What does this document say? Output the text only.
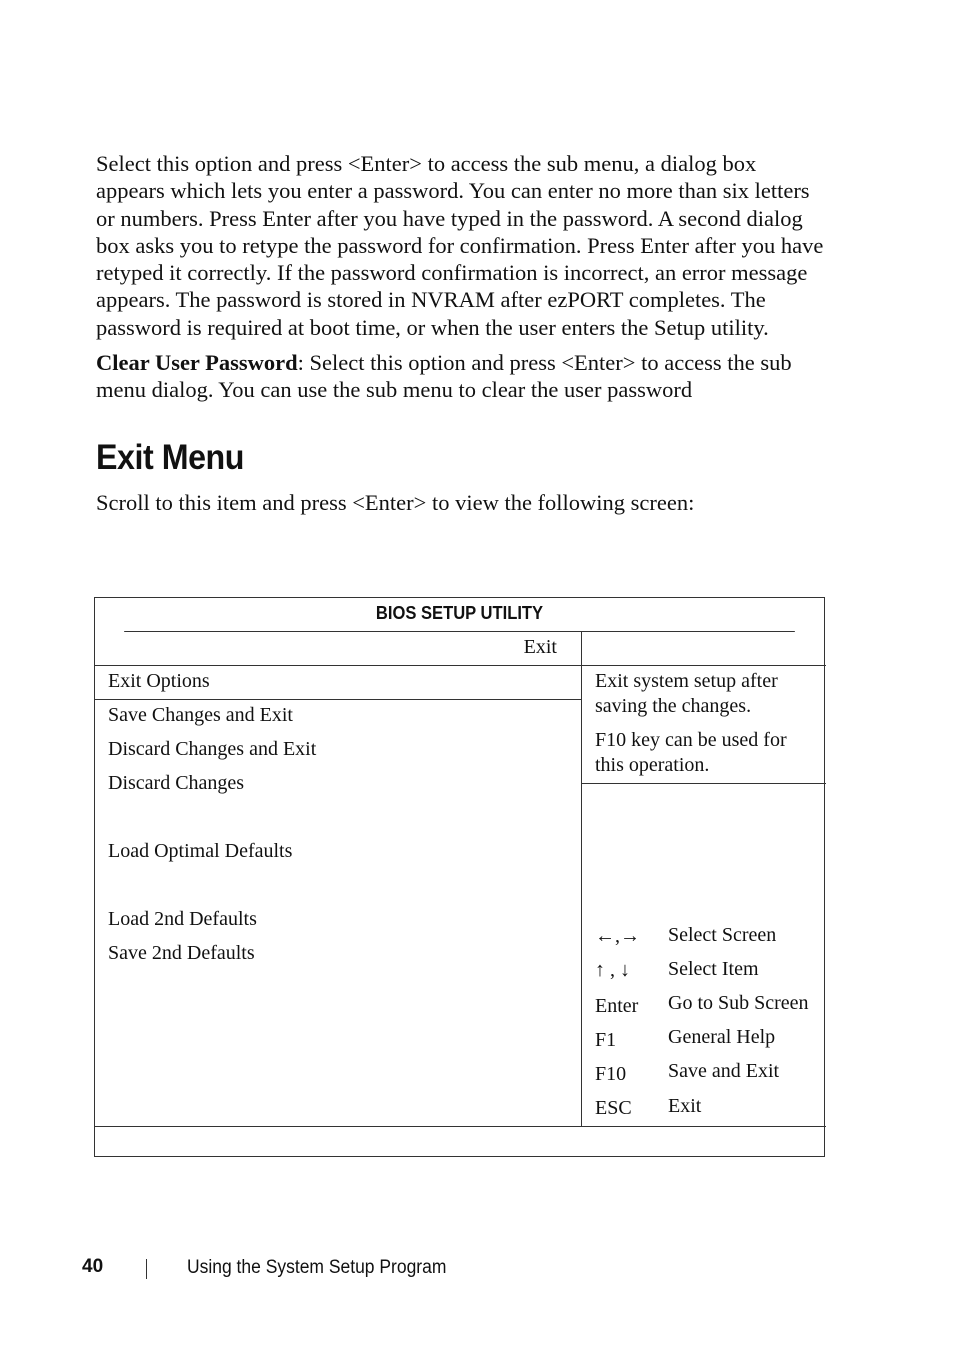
Select this option and press <Enter> to access the sub menu, a dialog box appears which lets you enter a password. You can enter no more than six letters or numbers. Press Enter after you have typed in the password. A second dialog box asks you to retype the password for confirmation. Press Enter after you have retyped it correctly. If the password confirmation is incorrect, an error message appears. The password is stored in NVRAM after ezPORT completes. The password is required at boot time, or when the user enters the Setup utility.

Clear User Password: Select this option and press <Enter> to access the sub menu dialog. You can use the sub menu to clear the user password

Exit Menu

Scroll to this item and press <Enter> to view the following screen:

BIOS SETUP UTILITY
Exit
Exit Options
Save Changes and Exit
Discard Changes and Exit
Discard Changes
Load Optimal Defaults
Load 2nd Defaults
Save 2nd Defaults
Exit system setup after saving the changes.
F10 key can be used for this operation.
←,→ Select Screen
↑ , ↓ Select Item
Enter Go to Sub Screen
F1	General Help
F10 Save and Exit
ESC Exit
40	Using the System Setup Program
